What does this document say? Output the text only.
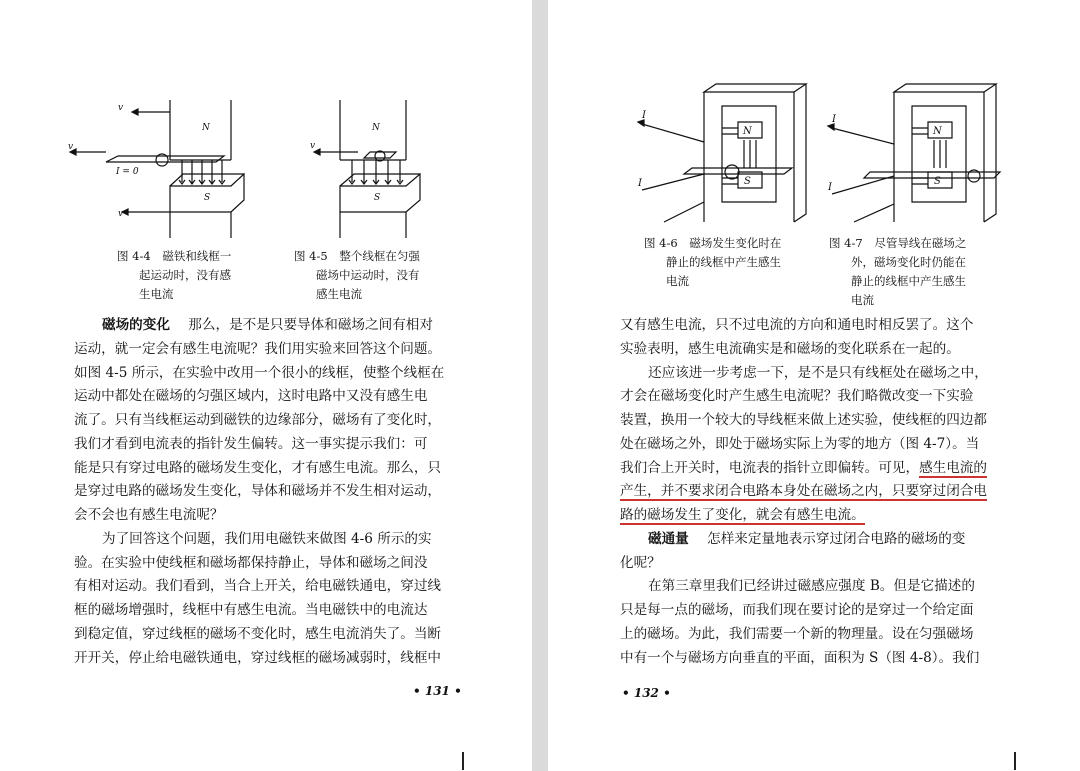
v
v
v
N
S
I = 0
v
N
S
图 4-4 磁铁和线框一
起运动时，没有感
生电流
图 4-5 整个线框在匀强
磁场中运动时，没有
感生电流
磁场的变化 那么，是不是只要导体和磁场之间有相对
运动，就一定会有感生电流呢？我们用实验来回答这个问题。
如图 4-5 所示，在实验中改用一个很小的线框，使整个线框在
运动中都处在磁场的匀强区域内，这时电路中又没有感生电
流了。只有当线框运动到磁铁的边缘部分，磁场有了变化时，
我们才看到电流表的指针发生偏转。这一事实提示我们：可
能是只有穿过电路的磁场发生变化，才有感生电流。那么，只
是穿过电路的磁场发生变化，导体和磁场并不发生相对运动，
会不会也有感生电流呢？
为了回答这个问题，我们用电磁铁来做图 4-6 所示的实
验。在实验中使线框和磁场都保持静止，导体和磁场之间没
有相对运动。我们看到，当合上开关，给电磁铁通电，穿过线
框的磁场增强时，线框中有感生电流。当电磁铁中的电流达
到稳定值，穿过线框的磁场不变化时，感生电流消失了。当断
开开关，停止给电磁铁通电，穿过线框的磁场减弱时，线框中
• 131 •
I
I
N
S
I
I
N
S
图 4-6 磁场发生变化时在
静止的线框中产生感生
电流
图 4-7 尽管导线在磁场之
外，磁场变化时仍能在
静止的线框中产生感生
电流
又有感生电流，只不过电流的方向和通电时相反罢了。这个
实验表明，感生电流确实是和磁场的变化联系在一起的。
还应该进一步考虑一下，是不是只有线框处在磁场之中，
才会在磁场变化时产生感生电流呢？我们略微改变一下实验
装置，换用一个较大的导线框来做上述实验，使线框的四边都
处在磁场之外，即处于磁场实际上为零的地方（图 4-7）。当
我们合上开关时，电流表的指针立即偏转。可见，感生电流的
产生，并不要求闭合电路本身处在磁场之内，只要穿过闭合电
路的磁场发生了变化，就会有感生电流。
磁通量 怎样来定量地表示穿过闭合电路的磁场的变
化呢？
在第三章里我们已经讲过磁感应强度 B。但是它描述的
只是每一点的磁场，而我们现在要讨论的是穿过一个给定面
上的磁场。为此，我们需要一个新的物理量。设在匀强磁场
中有一个与磁场方向垂直的平面，面积为 S（图 4-8）。我们
• 132 •
